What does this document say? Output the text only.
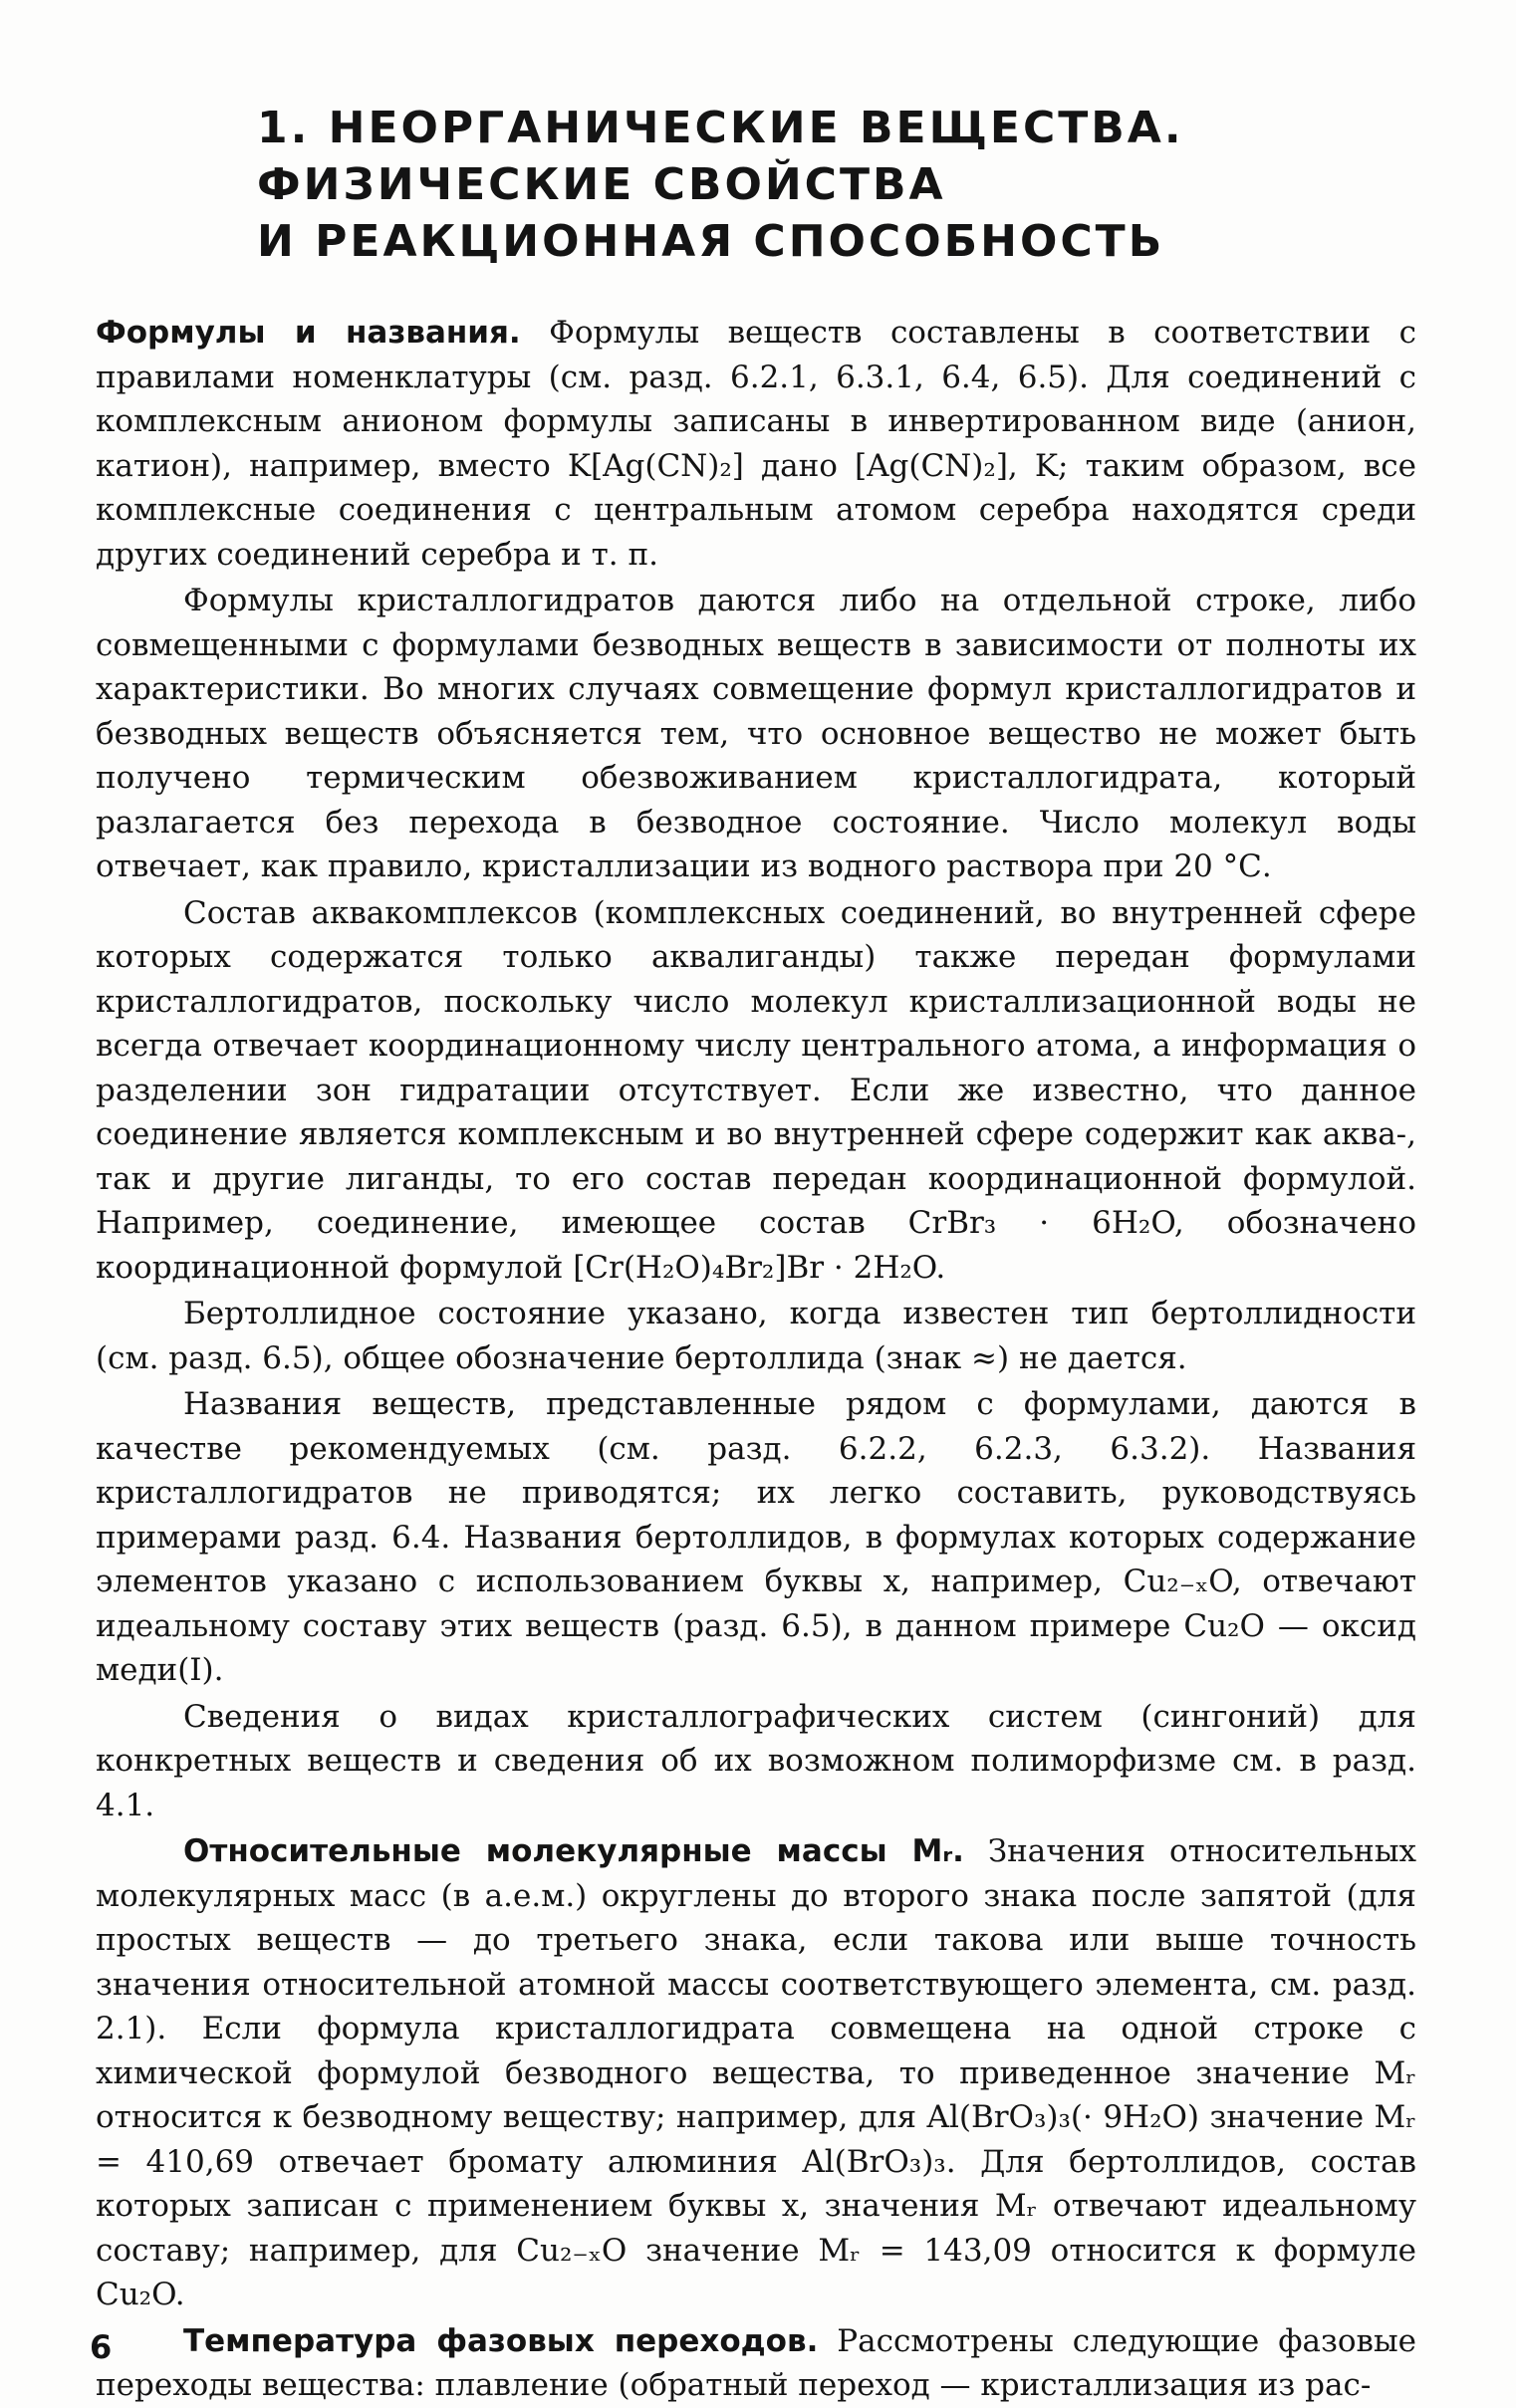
1. НЕОРГАНИЧЕСКИЕ ВЕЩЕСТВА.
ФИЗИЧЕСКИЕ СВОЙСТВА
И РЕАКЦИОННАЯ СПОСОБНОСТЬ

Формулы и названия. Формулы веществ составлены в соответствии с правилами номенклатуры (см. разд. 6.2.1, 6.3.1, 6.4, 6.5). Для соединений с комплексным анионом формулы записаны в инвертированном виде (анион, катион), например, вместо K[Ag(CN)₂] дано [Ag(CN)₂], K; таким образом, все комплексные соединения с центральным атомом серебра находятся среди других соединений серебра и т. п.

Формулы кристаллогидратов даются либо на отдельной строке, либо совмещенными с формулами безводных веществ в зависимости от полноты их характеристики. Во многих случаях совмещение формул кристаллогидратов и безводных веществ объясняется тем, что основное вещество не может быть получено термическим обезвоживанием кристаллогидрата, который разлагается без перехода в безводное состояние. Число молекул воды отвечает, как правило, кристаллизации из водного раствора при 20 °С.

Состав аквакомплексов (комплексных соединений, во внутренней сфере которых содержатся только аквалиганды) также передан формулами кристаллогидратов, поскольку число молекул кристаллизационной воды не всегда отвечает координационному числу центрального атома, а информация о разделении зон гидратации отсутствует. Если же известно, что данное соединение является комплексным и во внутренней сфере содержит как аква-, так и другие лиганды, то его состав передан координационной формулой. Например, соединение, имеющее состав CrBr₃ · 6H₂O, обозначено координационной формулой [Cr(H₂O)₄Br₂]Br · 2H₂O.

Бертоллидное состояние указано, когда известен тип бертоллидности (см. разд. 6.5), общее обозначение бертоллида (знак ≈) не дается.

Названия веществ, представленные рядом с формулами, даются в качестве рекомендуемых (см. разд. 6.2.2, 6.2.3, 6.3.2). Названия кристаллогидратов не приводятся; их легко составить, руководствуясь примерами разд. 6.4. Названия бертоллидов, в формулах которых содержание элементов указано с использованием буквы x, например, Cu₂₋ₓO, отвечают идеальному составу этих веществ (разд. 6.5), в данном примере Cu₂O — оксид меди(I).

Сведения о видах кристаллографических систем (сингоний) для конкретных веществ и сведения об их возможном полиморфизме см. в разд. 4.1.

Относительные молекулярные массы Mᵣ. Значения относительных молекулярных масс (в а.е.м.) округлены до второго знака после запятой (для простых веществ — до третьего знака, если такова или выше точность значения относительной атомной массы соответствующего элемента, см. разд. 2.1). Если формула кристаллогидрата совмещена на одной строке с химической формулой безводного вещества, то приведенное значение Mᵣ относится к безводному веществу; например, для Al(BrO₃)₃(· 9H₂O) значение Mᵣ = 410,69 отвечает бромату алюминия Al(BrO₃)₃. Для бертоллидов, состав которых записан с применением буквы x, значения Mᵣ отвечают идеальному составу; например, для Cu₂₋ₓO значение Mᵣ = 143,09 относится к формуле Cu₂O.

Температура фазовых переходов. Рассмотрены следующие фазовые переходы вещества: плавление (обратный переход — кристаллизация из рас-

6
